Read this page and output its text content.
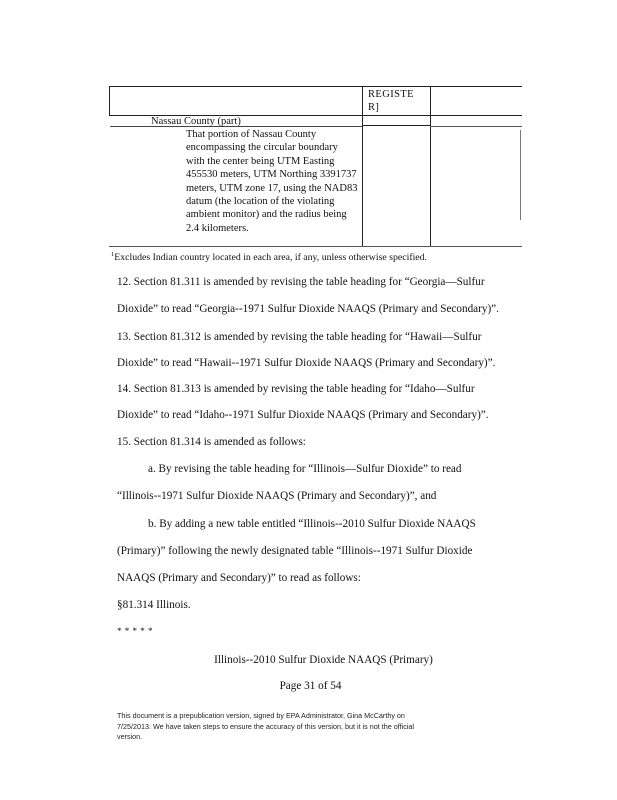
REGISTE R]
Nassau County (part)
That portion of Nassau County encompassing the circular boundary with the center being UTM Easting 455530 meters, UTM Northing 3391737 meters, UTM zone 17, using the NAD83 datum (the location of the violating ambient monitor) and the radius being 2.4 kilometers.
$^1$Excludes Indian country located in each area, if any, unless otherwise specified.
12. Section 81.311 is amended by revising the table heading for “Georgia—Sulfur
Dioxide” to read “Georgia--1971 Sulfur Dioxide NAAQS (Primary and Secondary)”.
13. Section 81.312 is amended by revising the table heading for “Hawaii—Sulfur
Dioxide” to read “Hawaii--1971 Sulfur Dioxide NAAQS (Primary and Secondary)”.
14. Section 81.313 is amended by revising the table heading for “Idaho—Sulfur
Dioxide” to read “Idaho--1971 Sulfur Dioxide NAAQS (Primary and Secondary)”.
15. Section 81.314 is amended as follows:
a. By revising the table heading for “Illinois—Sulfur Dioxide” to read
“Illinois--1971 Sulfur Dioxide NAAQS (Primary and Secondary)”, and
b. By adding a new table entitled “Illinois--2010 Sulfur Dioxide NAAQS
(Primary)” following the newly designated table “Illinois--1971 Sulfur Dioxide
NAAQS (Primary and Secondary)” to read as follows:
§81.314 Illinois.
* * * * *
Illinois--2010 Sulfur Dioxide NAAQS (Primary)
Page 31 of 54
This document is a prepublication version, signed by EPA Administrator, Gina McCarthy on
7/25/2013. We have taken steps to ensure the accuracy of this version, but it is not the official
version.
